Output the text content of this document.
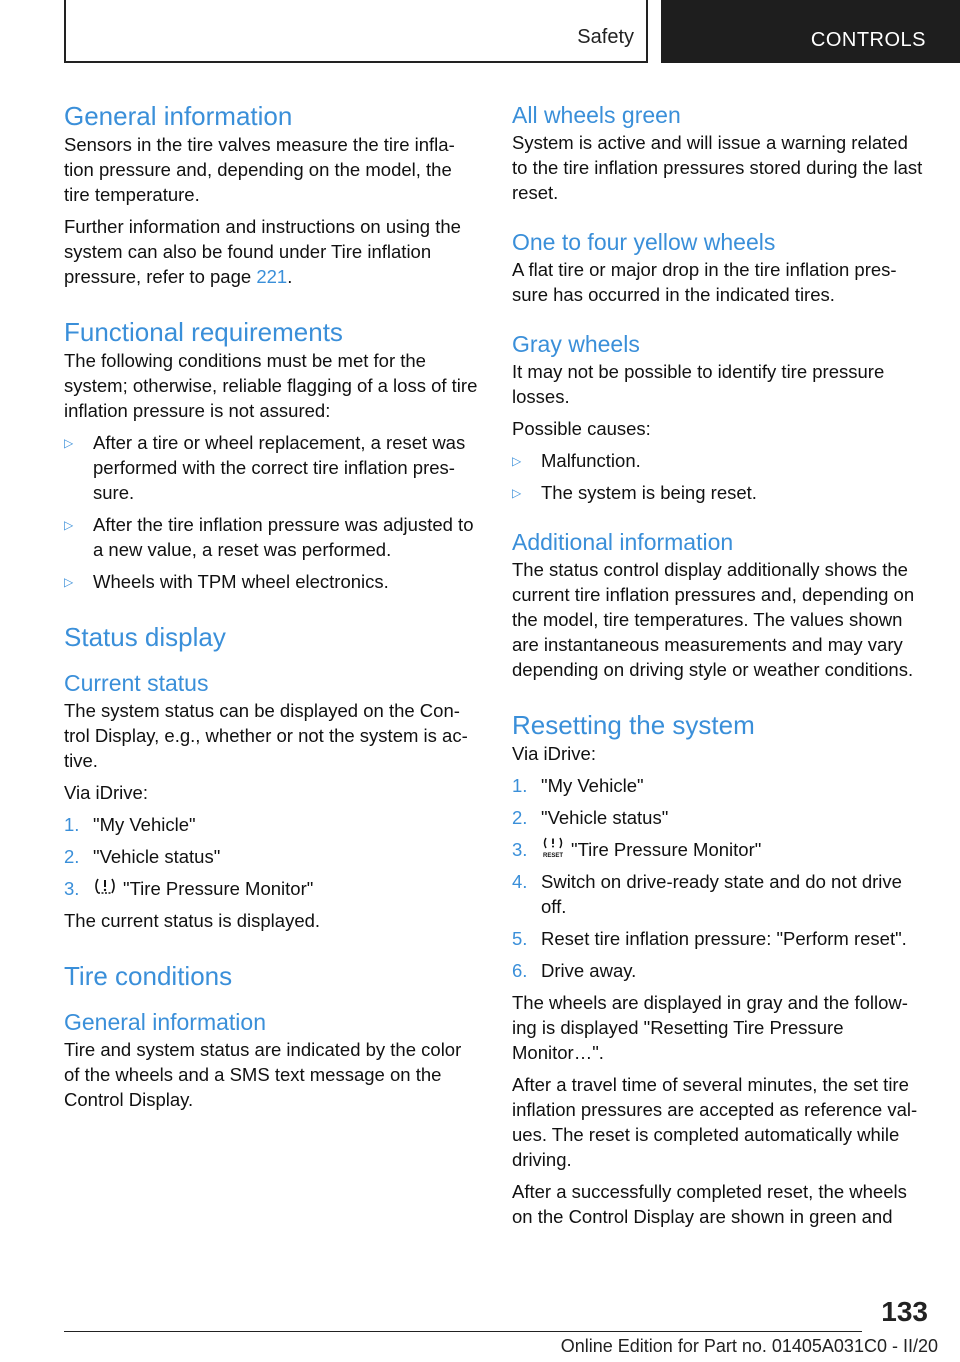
Safety	CONTROLS
General information

Sensors in the tire valves measure the tire infla-tion pressure and, depending on the model, the tire temperature.

Further information and instructions on using the system can also be found under Tire inflation pressure, refer to page 221.

Functional requirements

The following conditions must be met for the system; otherwise, reliable flagging of a loss of tire inflation pressure is not assured:

▷ After a tire or wheel replacement, a reset was performed with the correct tire inflation pres-sure.
▷ After the tire inflation pressure was adjusted to a new value, a reset was performed.
▷ Wheels with TPM wheel electronics.
Status display
Current status

The system status can be displayed on the Con-trol Display, e.g., whether or not the system is ac-tive.

Via iDrive:

1. "My Vehicle"
2. "Vehicle status"
3. "Tire Pressure Monitor"

The current status is displayed.

Tire conditions
General information

Tire and system status are indicated by the color of the wheels and a SMS text message on the Control Display.

All wheels green

System is active and will issue a warning related to the tire inflation pressures stored during the last reset.

One to four yellow wheels

A flat tire or major drop in the tire inflation pres-sure has occurred in the indicated tires.

Gray wheels

It may not be possible to identify tire pressure losses.

Possible causes:

▷ Malfunction.
▷ The system is being reset.
Additional information

The status control display additionally shows the current tire inflation pressures and, depending on the model, tire temperatures. The values shown are instantaneous measurements and may vary depending on driving style or weather conditions.

Resetting the system

Via iDrive:

1. "My Vehicle"
2. "Vehicle status"
3.	RESET "Tire Pressure Monitor"
4. Switch on drive-ready state and do not drive off.
5. Reset tire inflation pressure: "Perform reset".
6. Drive away.

The wheels are displayed in gray and the follow-ing is displayed "Resetting Tire Pressure Monitor…".

After a travel time of several minutes, the set tire inflation pressures are accepted as reference val-ues. The reset is completed automatically while driving.

After a successfully completed reset, the wheels on the Control Display are shown in green and

133
Online Edition for Part no. 01405A031C0 - II/20
